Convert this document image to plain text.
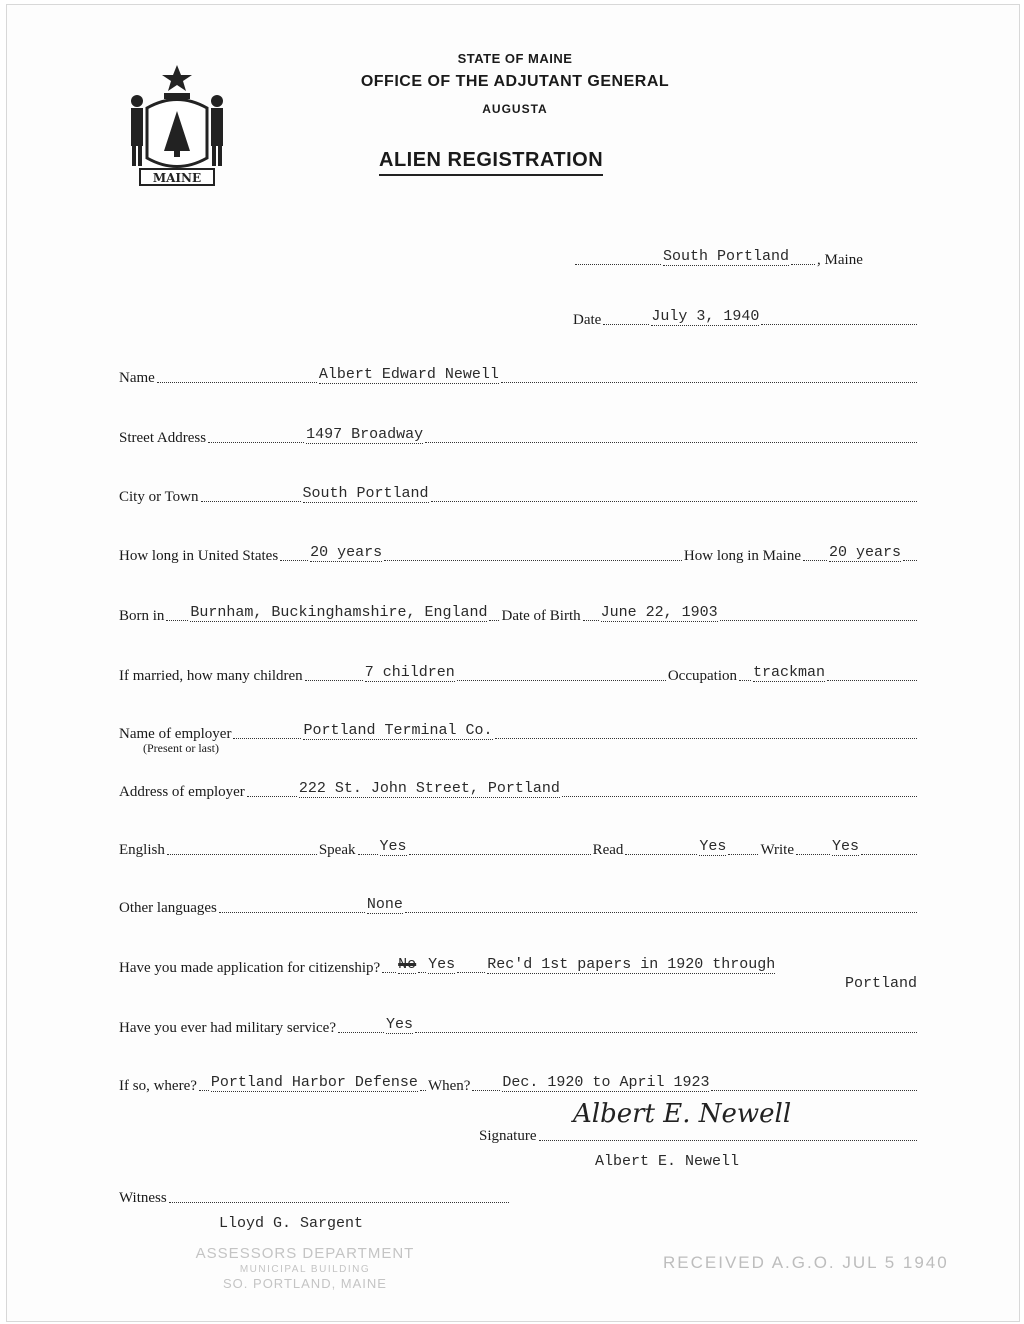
MAINE
STATE OF MAINE
OFFICE OF THE ADJUTANT GENERAL
AUGUSTA
ALIEN REGISTRATION
South Portland , Maine
Date	July 3, 1940
Name	Albert Edward Newell
Street Address	1497 Broadway
City or Town	South Portland
How long in United States 20 years	How long in Maine 20 years
Born in Burnham, Buckinghamshire, England Date of Birth June 22, 1903
If married, how many children	7 children	Occupation trackman
Name of employer	Portland Terminal Co.
(Present or last)
Address of employer	222 St. John Street, Portland
English	Speak Yes	Read	Yes Write	Yes
Other languages	None
Have you made application for citizenship? No Yes Rec'd 1st papers in 1920 through
Portland
Have you ever had military service?	Yes
If so, where? Portland Harbor Defense When? Dec. 1920 to April 1923
Signature
Albert E. Newell
Albert E. Newell
Witness
Lloyd G. Sargent
ASSESSORS DEPARTMENT
MUNICIPAL BUILDING
SO. PORTLAND, MAINE
RECEIVED A.G.O. JUL 5 1940
